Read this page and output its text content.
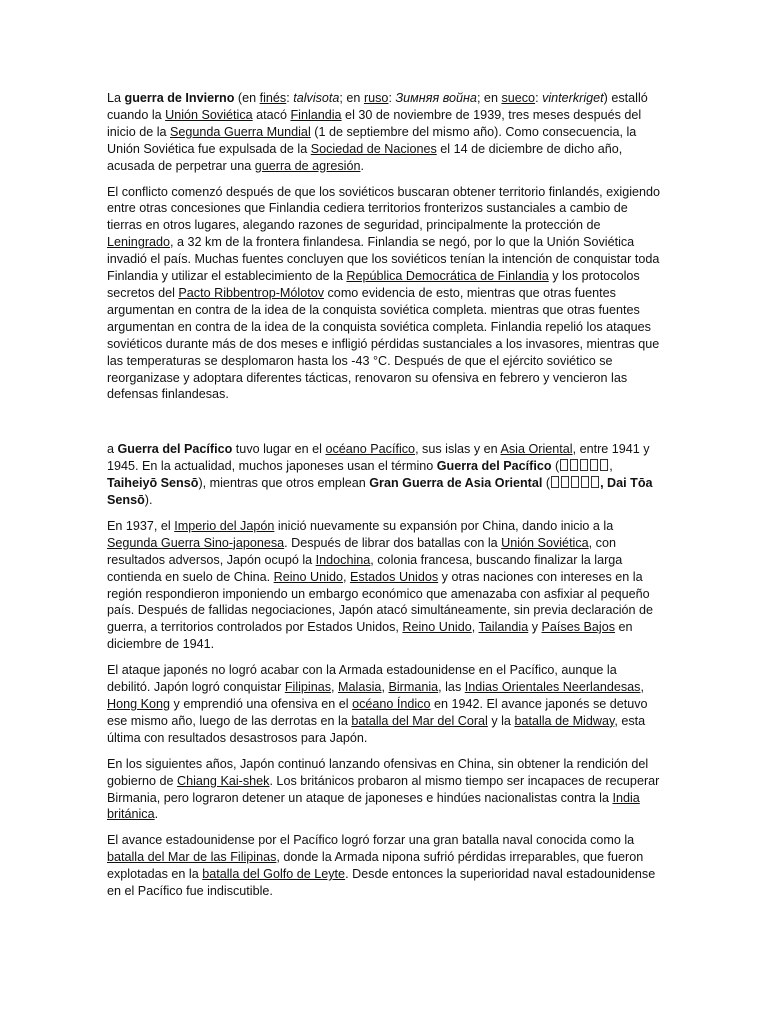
La guerra de Invierno (en finés: talvisota; en ruso: Зимняя война; en sueco: vinterkriget) estalló cuando la Unión Soviética atacó Finlandia el 30 de noviembre de 1939, tres meses después del inicio de la Segunda Guerra Mundial (1 de septiembre del mismo año). Como consecuencia, la Unión Soviética fue expulsada de la Sociedad de Naciones el 14 de diciembre de dicho año, acusada de perpetrar una guerra de agresión.

El conflicto comenzó después de que los soviéticos buscaran obtener territorio finlandés, exigiendo entre otras concesiones que Finlandia cediera territorios fronterizos sustanciales a cambio de tierras en otros lugares, alegando razones de seguridad, principalmente la protección de Leningrado, a 32 km de la frontera finlandesa. Finlandia se negó, por lo que la Unión Soviética invadió el país. Muchas fuentes concluyen que los soviéticos tenían la intención de conquistar toda Finlandia y utilizar el establecimiento de la República Democrática de Finlandia y los protocolos secretos del Pacto Ribbentrop-Mólotov como evidencia de esto, mientras que otras fuentes argumentan en contra de la idea de la conquista soviética completa. mientras que otras fuentes argumentan en contra de la idea de la conquista soviética completa. Finlandia repelió los ataques soviéticos durante más de dos meses e infligió pérdidas sustanciales a los invasores, mientras que las temperaturas se desplomaron hasta los -43 °C. Después de que el ejército soviético se reorganizase y adoptara diferentes tácticas, renovaron su ofensiva en febrero y vencieron las defensas finlandesas.

a Guerra del Pacífico tuvo lugar en el océano Pacífico, sus islas y en Asia Oriental, entre 1941 y 1945. En la actualidad, muchos japoneses usan el término Guerra del Pacífico (	, Taiheiyō Sensō), mientras que otros emplean Gran Guerra de Asia Oriental (	, Dai Tōa Sensō).

En 1937, el Imperio del Japón inició nuevamente su expansión por China, dando inicio a la Segunda Guerra Sino-japonesa. Después de librar dos batallas con la Unión Soviética, con resultados adversos, Japón ocupó la Indochina, colonia francesa, buscando finalizar la larga contienda en suelo de China. Reino Unido, Estados Unidos y otras naciones con intereses en la región respondieron imponiendo un embargo económico que amenazaba con asfixiar al pequeño país. Después de fallidas negociaciones, Japón atacó simultáneamente, sin previa declaración de guerra, a territorios controlados por Estados Unidos, Reino Unido, Tailandia y Países Bajos en diciembre de 1941.

El ataque japonés no logró acabar con la Armada estadounidense en el Pacífico, aunque la debilitó. Japón logró conquistar Filipinas, Malasia, Birmania, las Indias Orientales Neerlandesas, Hong Kong y emprendió una ofensiva en el océano Índico en 1942. El avance japonés se detuvo ese mismo año, luego de las derrotas en la batalla del Mar del Coral y la batalla de Midway, esta última con resultados desastrosos para Japón.

En los siguientes años, Japón continuó lanzando ofensivas en China, sin obtener la rendición del gobierno de Chiang Kai-shek. Los británicos probaron al mismo tiempo ser incapaces de recuperar Birmania, pero lograron detener un ataque de japoneses e hindúes nacionalistas contra la India británica.

El avance estadounidense por el Pacífico logró forzar una gran batalla naval conocida como la batalla del Mar de las Filipinas, donde la Armada nipona sufrió pérdidas irreparables, que fueron explotadas en la batalla del Golfo de Leyte. Desde entonces la superioridad naval estadounidense en el Pacífico fue indiscutible.
